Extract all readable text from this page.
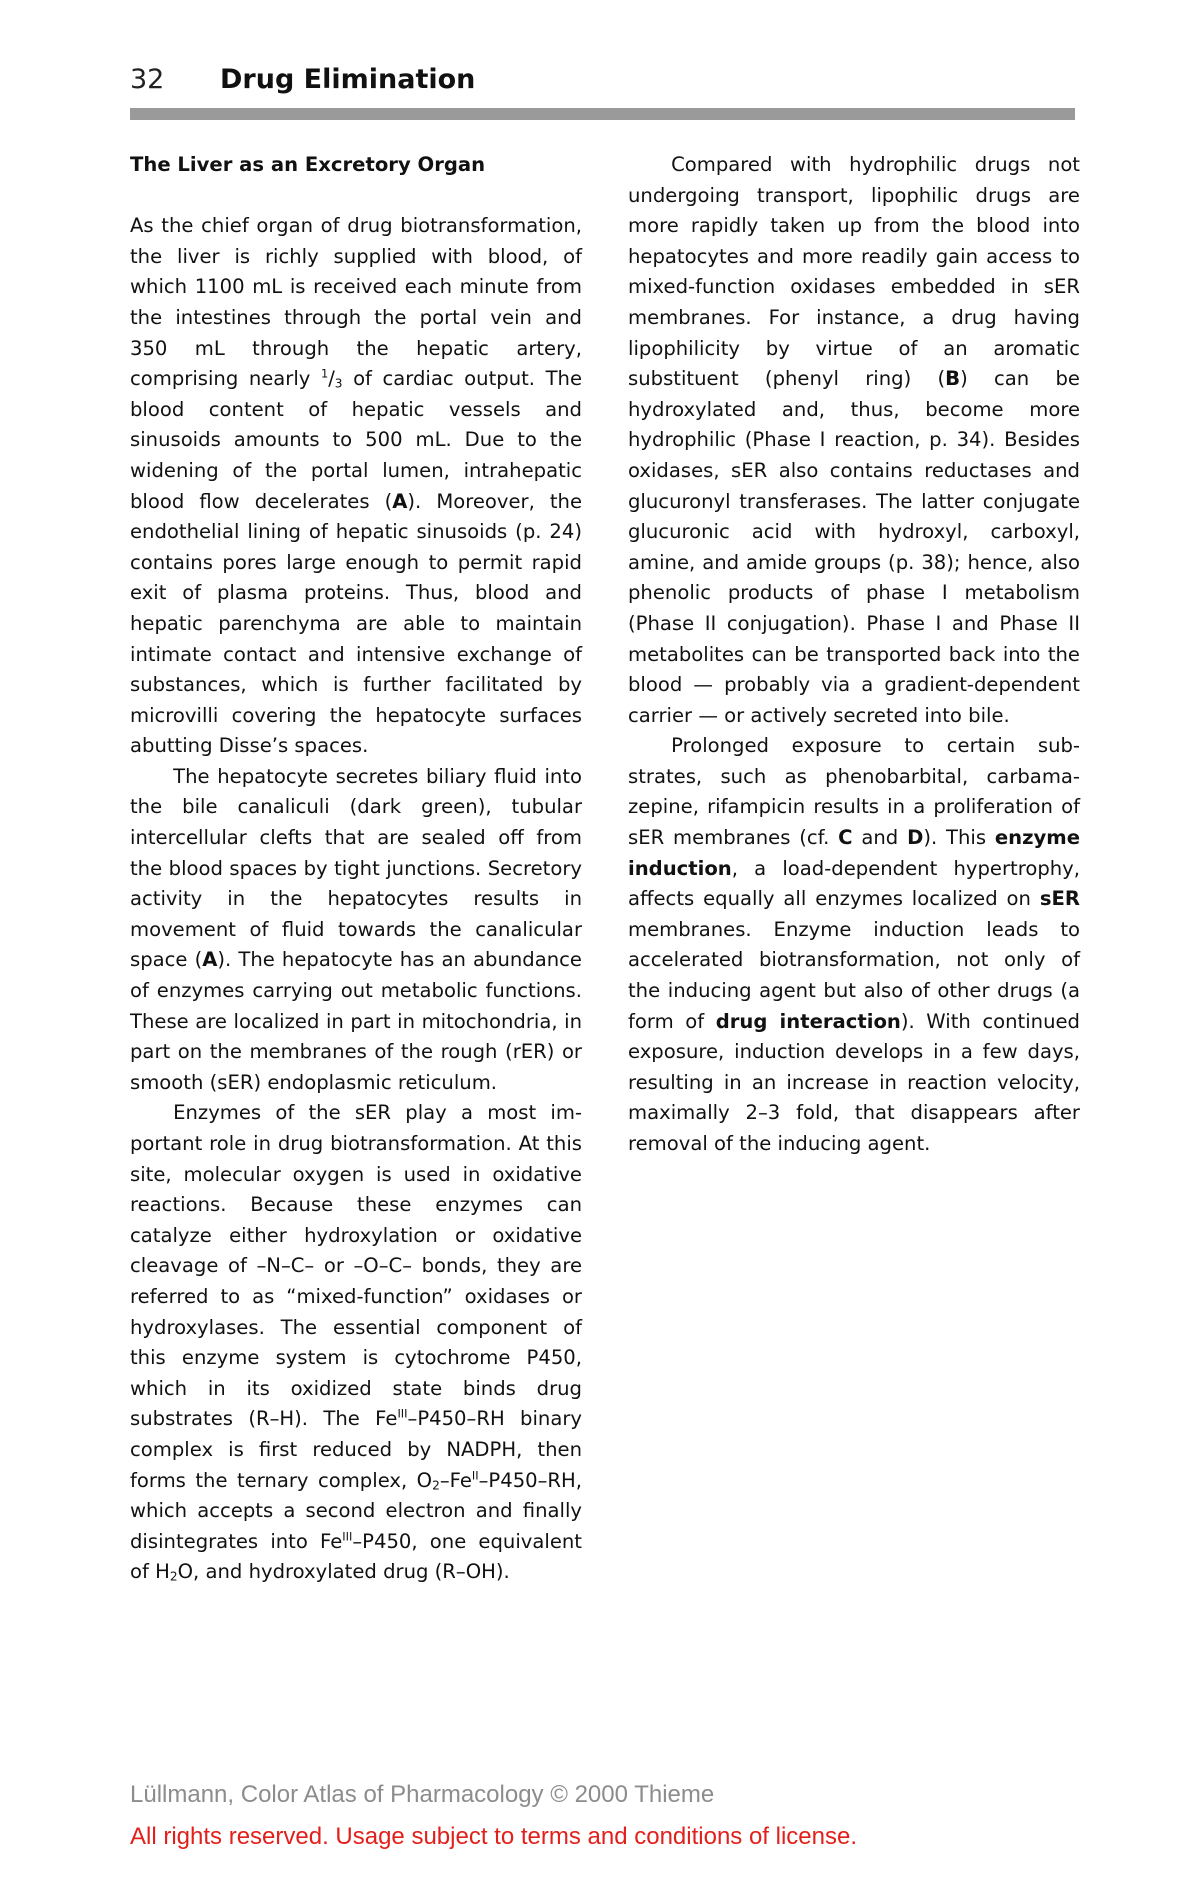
32 Drug Elimination

The Liver as an Excretory Organ

As the chief organ of drug biotransformation, the liver is richly supplied with blood, of which 1100 mL is received each minute from the intestines through the portal vein and 350 mL through the hepatic artery, comprising nearly $^1/_3$ of cardiac output. The blood content of hepatic vessels and sinusoids amounts to 500 mL. Due to the widening of the portal lumen, intrahepatic blood flow decelerates (A). Moreover, the endothelial lining of hepatic sinusoids (p. 24) contains pores large enough to permit rapid exit of plasma proteins. Thus, blood and hepatic parenchyma are able to maintain intimate contact and intensive exchange of substances, which is further facilitated by microvilli covering the hepatocyte surfaces abutting Disse’s spaces.

The hepatocyte secretes biliary fluid into the bile canaliculi (dark green), tubular intercellular clefts that are sealed off from the blood spaces by tight junctions. Secretory activity in the hepatocytes results in movement of fluid towards the canalicular space (A). The hepatocyte has an abundance of enzymes carrying out metabolic functions. These are localized in part in mitochondria, in part on the membranes of the rough (rER) or smooth (sER) endoplasmic reticulum.

Enzymes of the sER play a most important role in drug biotransformation. At this site, molecular oxygen is used in oxidative reactions. Because these enzymes can catalyze either hydroxylation or oxidative cleavage of –N–C– or –O–C– bonds, they are referred to as “mixed-function” oxidases or hydroxylases. The essential component of this enzyme system is cytochrome P450, which in its oxidized state binds drug substrates (R–H). The $Fe^{III}-P450-RH$ binary complex is first reduced by NADPH, then forms the ternary complex, $O_2-Fe^{II}-P450-RH$, which accepts a second electron and finally disintegrates into $Fe^{III}-P450$, one equivalent of $H_2O$, and hydroxylated drug (R–OH).

Compared with hydrophilic drugs not undergoing transport, lipophilic drugs are more rapidly taken up from the blood into hepatocytes and more readily gain access to mixed-function oxidases embedded in sER membranes. For instance, a drug having lipophilicity by virtue of an aromatic substituent (phenyl ring) (B) can be hydroxylated and, thus, become more hydrophilic (Phase I reaction, p. 34). Besides oxidases, sER also contains reductases and glucuronyl transferases. The latter conjugate glucuronic acid with hydroxyl, carboxyl, amine, and amide groups (p. 38); hence, also phenolic products of phase I metabolism (Phase II conjugation). Phase I and Phase II metabolites can be transported back into the blood — probably via a gradient-dependent carrier — or actively secreted into bile.

Prolonged exposure to certain substrates, such as phenobarbital, carbamazepine, rifampicin results in a proliferation of sER membranes (cf. C and D). This enzyme induction, a load-dependent hypertrophy, affects equally all enzymes localized on sER membranes. Enzyme induction leads to accelerated biotransformation, not only of the inducing agent but also of other drugs (a form of drug interaction). With continued exposure, induction develops in a few days, resulting in an increase in reaction velocity, maximally 2–3 fold, that disappears after removal of the inducing agent.

Lüllmann, Color Atlas of Pharmacology © 2000 Thieme
All rights reserved. Usage subject to terms and conditions of license.
